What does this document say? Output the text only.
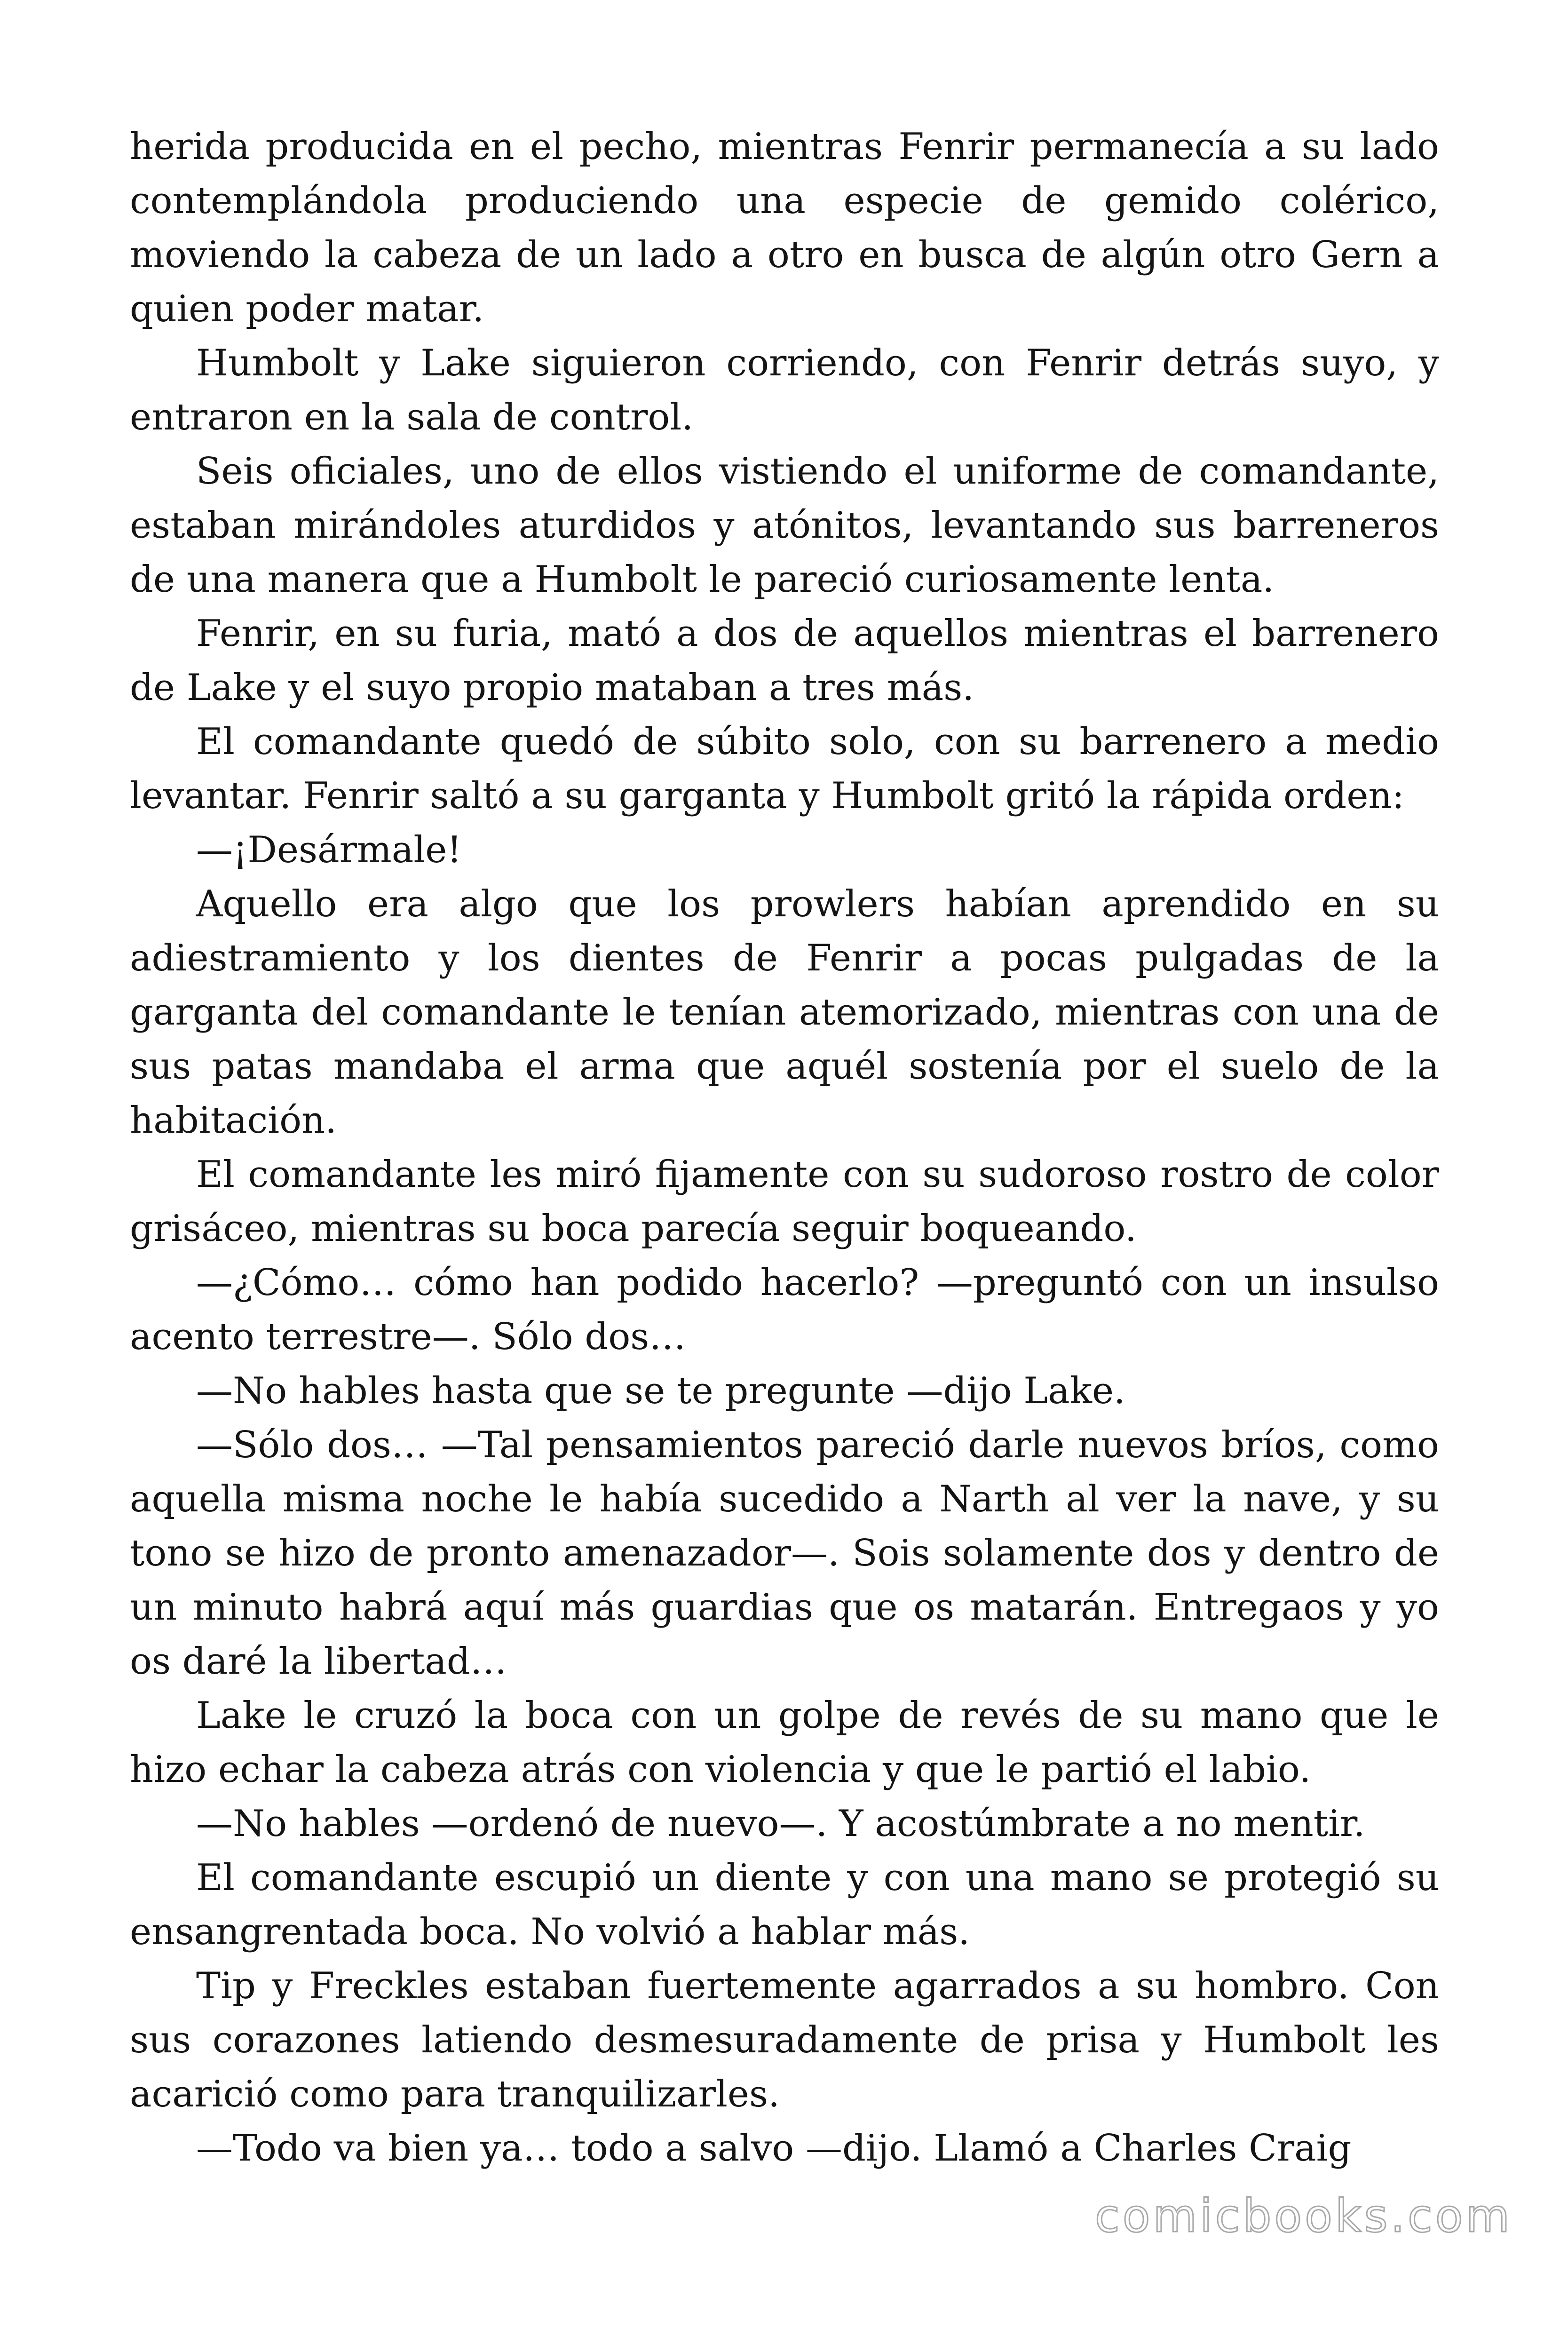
herida producida en el pecho, mientras Fenrir permanecía a su lado contemplándola produciendo una especie de gemido colérico, moviendo la cabeza de un lado a otro en busca de algún otro Gern a quien poder matar.

Humbolt y Lake siguieron corriendo, con Fenrir detrás suyo, y entraron en la sala de control.

Seis oficiales, uno de ellos vistiendo el uniforme de comandante, estaban mirándoles aturdidos y atónitos, levantando sus barreneros de una manera que a Humbolt le pareció curiosamente lenta.

Fenrir, en su furia, mató a dos de aquellos mientras el barrenero de Lake y el suyo propio mataban a tres más.

El comandante quedó de súbito solo, con su barrenero a medio levantar. Fenrir saltó a su garganta y Humbolt gritó la rápida orden:

—¡Desármale!

Aquello era algo que los prowlers habían aprendido en su adiestramiento y los dientes de Fenrir a pocas pulgadas de la garganta del comandante le tenían atemorizado, mientras con una de sus patas mandaba el arma que aquél sostenía por el suelo de la habitación.

El comandante les miró fijamente con su sudoroso rostro de color grisáceo, mientras su boca parecía seguir boqueando.

—¿Cómo… cómo han podido hacerlo? —preguntó con un insulso acento terrestre—. Sólo dos…

—No hables hasta que se te pregunte —dijo Lake.

—Sólo dos… —Tal pensamientos pareció darle nuevos bríos, como aquella misma noche le había sucedido a Narth al ver la nave, y su tono se hizo de pronto amenazador—. Sois solamente dos y dentro de un minuto habrá aquí más guardias que os matarán. Entregaos y yo os daré la libertad…

Lake le cruzó la boca con un golpe de revés de su mano que le hizo echar la cabeza atrás con violencia y que le partió el labio.

—No hables —ordenó de nuevo—. Y acostúmbrate a no mentir.

El comandante escupió un diente y con una mano se protegió su ensangrentada boca. No volvió a hablar más.

Tip y Freckles estaban fuertemente agarrados a su hombro. Con sus corazones latiendo desmesuradamente de prisa y Humbolt les acarició como para tranquilizarles.

—Todo va bien ya… todo a salvo —dijo. Llamó a Charles Craig

comicbooks.com
